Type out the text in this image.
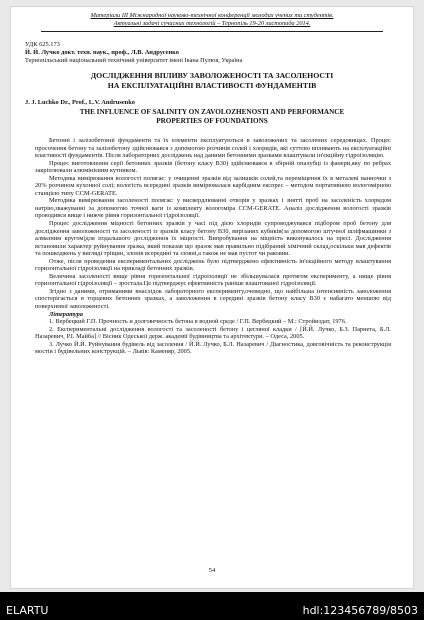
Матеріали ІІІ Міжнародної науково-технічної конференції молодих учених та студентів.
Актуальні задачі сучасних технологій – Тернопіль 19-20 листопада 2014.
УДК 625.173
Й. Й. Лучко докт. техн. наук., проф., Л.В. Андрусенко
Тернопільський національний технічний університет імені Івана Пулюя, Україна
ДОСЛІДЖЕННЯ ВПЛИВУ ЗАВОЛОЖЕНОСТІ ТА ЗАСОЛЕНОСТІ
НА ЕКСПЛУАТАЦІЙНІ ВЛАСТИВОСТІ ФУНДАМЕНТІВ
J. J. Luchko Dr., Prof., L.V. Andrusenko
THE INFLUENCE OF SALINITY ON ZAVOLOZHENOSTI AND PERFORMANCE
PROPERTIES OF FOUNDATIONS

Бетонні і залізобетонні фундаменти та їх елементи експлуатуються в заволожених та засолених середовищах. Процес просочення бетону та залізобетону здійснювався з допомогою розчинів солей і хлоридів, які суттєво впливають на експлуатаційні властивості фундаментів. Після лабораторних досліджень над даними бетонними зразками влаштували ін'єкційну гідроізоляцію.

Процес виготовлення серії бетонних зразків (бетону класу В30) здійснювався в збірній опалубці із фанери,яку по ребрах закріплювали алюмінієвим кутником.

Методика вимірювання вологості полягає: у очищенні зразків від залишків солей,та переміщення їх в металеві ванночки з 20% розчином кухонної солі; вологість всередині зразків вимірювалася карбідним експрес – методом портативною вологомірною станцією типу ССМ-GERATE.

Методика вимірювання засоленості полягає: у висвердлюванні отворів у зразках і знятті проб на засоленість хлоридом натрію,зважуванні за допомогою точної ваги із комплекту вологоміра ССМ-GERATE. Аналіз дослідження вологості зразків проводився вище і нижче рівня горизонтальної гідроізоляції.

Процес дослідження міцності бетонних зразків у часі під дією хлоридів супроводжувався підбором проб бетону для дослідження заволоженості та засоленості із зразків класу бетону В30, вирізаних кубиків(за допомогою штучної шліфмашинки з алмазним кругом)для подальшого дослідження їх міцності. Випробування на міцність виконувалось на пресі. Дослідження встановили характер руйнування зразка, який показав що зразок мав правильно підібраний хімічний склад,оскільки мав дефектів та пошкоджень у вигляді тріщин, злонів всередині та ззовні,а також не мав пустот чи раковин.

Отже, після проведення експериментальних досліджень було підтверджено ефективність ін'єкційного методу влаштування горизонтальної гідроізоляції на прикладі бетонних зразків.

Величина засоленості вище рівня горизонтальної гідроізоляції не збільшувалася протягом експерименту, а нище рівня горизонтальної гідроізоляції – зростала.Це підтверджує ефективність раніше влаштованої гідроізоляції.

Згідно з даними, отриманими внаслідок лабораторного експерименту,очевидно, що найбільша інтенсивність заволоження спостерігається в торцевих бетонних зразках, а заволоження в середині зразків бетону класу В30 є набагато меншою від поверхневої заволоженості.

Література

1. Вербецкий Г.П. Прочность и долговечность бетона в водной среде / Г.П. Вербецкий – М.: Стройиздат, 1976.

2. Експериментальні дослідження вологості та засоленості бетону і цегляної кладки / [Й.Й. Лучко, Б.З. Парнета, Б.Л. Назаревич, Р.І. Майба] // Вісник Одеської держ. академії будівництва та архітектури. – Одеса, 2005.

3. Лучко Й.Й. Руйнування будівель від засолення / Й.Й. Лучко, Б.Л. Назаревич / Діагностика, довговічність та реконструкція мостів і будівельних конструкцій. – Львів: Каменяр, 2005.

54
ELARTU	hdl:123456789/8503
